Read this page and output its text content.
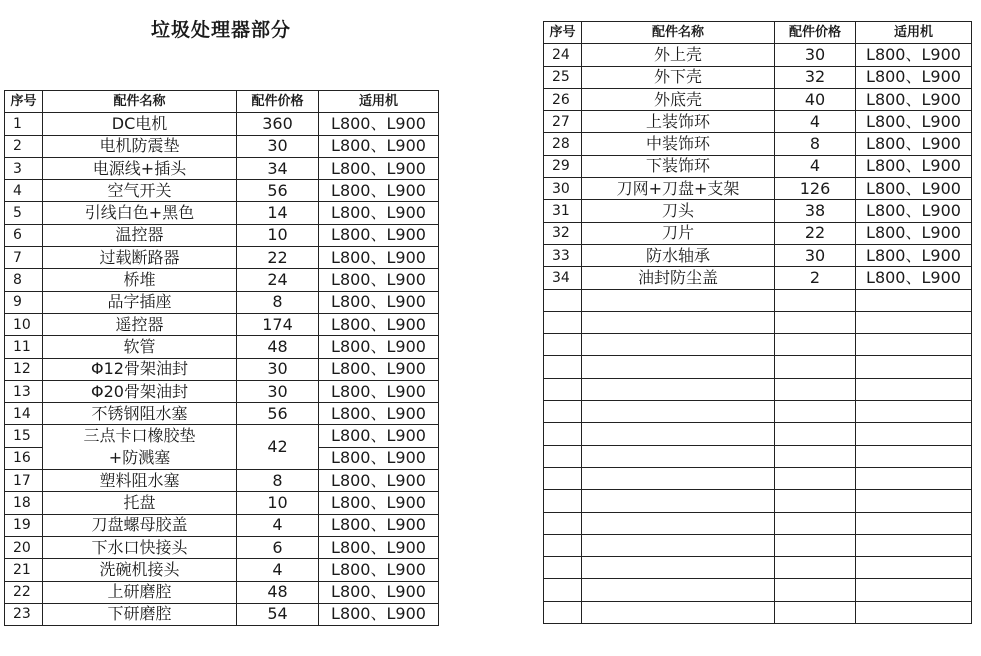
垃圾处理器部分
序号	配件名称	配件价格	适用机
1	DC电机	360	L800、L900
2	电机防震垫	30	L800、L900
3	电源线+插头	34	L800、L900
4	空气开关	56	L800、L900
5	引线白色+黑色	14	L800、L900
6	温控器	10	L800、L900
7	过载断路器	22	L800、L900
8	桥堆	24	L800、L900
9	品字插座	8	L800、L900
10	遥控器	174	L800、L900
11	软管	48	L800、L900
12	Φ12骨架油封	30	L800、L900
13	Φ20骨架油封	30	L800、L900
14	不锈钢阻水塞	56	L800、L900
15	三点卡口橡胶垫	42	L800、L900
16	+防溅塞		L800、L900
17	塑料阻水塞	8	L800、L900
18	托盘	10	L800、L900
19	刀盘螺母胶盖	4	L800、L900
20	下水口快接头	6	L800、L900
21	洗碗机接头	4	L800、L900
22	上研磨腔	48	L800、L900
23	下研磨腔	54	L800、L900
序号	配件名称	配件价格	适用机
24	外上壳	30	L800、L900
25	外下壳	32	L800、L900
26	外底壳	40	L800、L900
27	上装饰环	4	L800、L900
28	中装饰环	8	L800、L900
29	下装饰环	4	L800、L900
30	刀网+刀盘+支架	126	L800、L900
31	刀头	38	L800、L900
32	刀片	22	L800、L900
33	防水轴承	30	L800、L900
34	油封防尘盖	2	L800、L900
